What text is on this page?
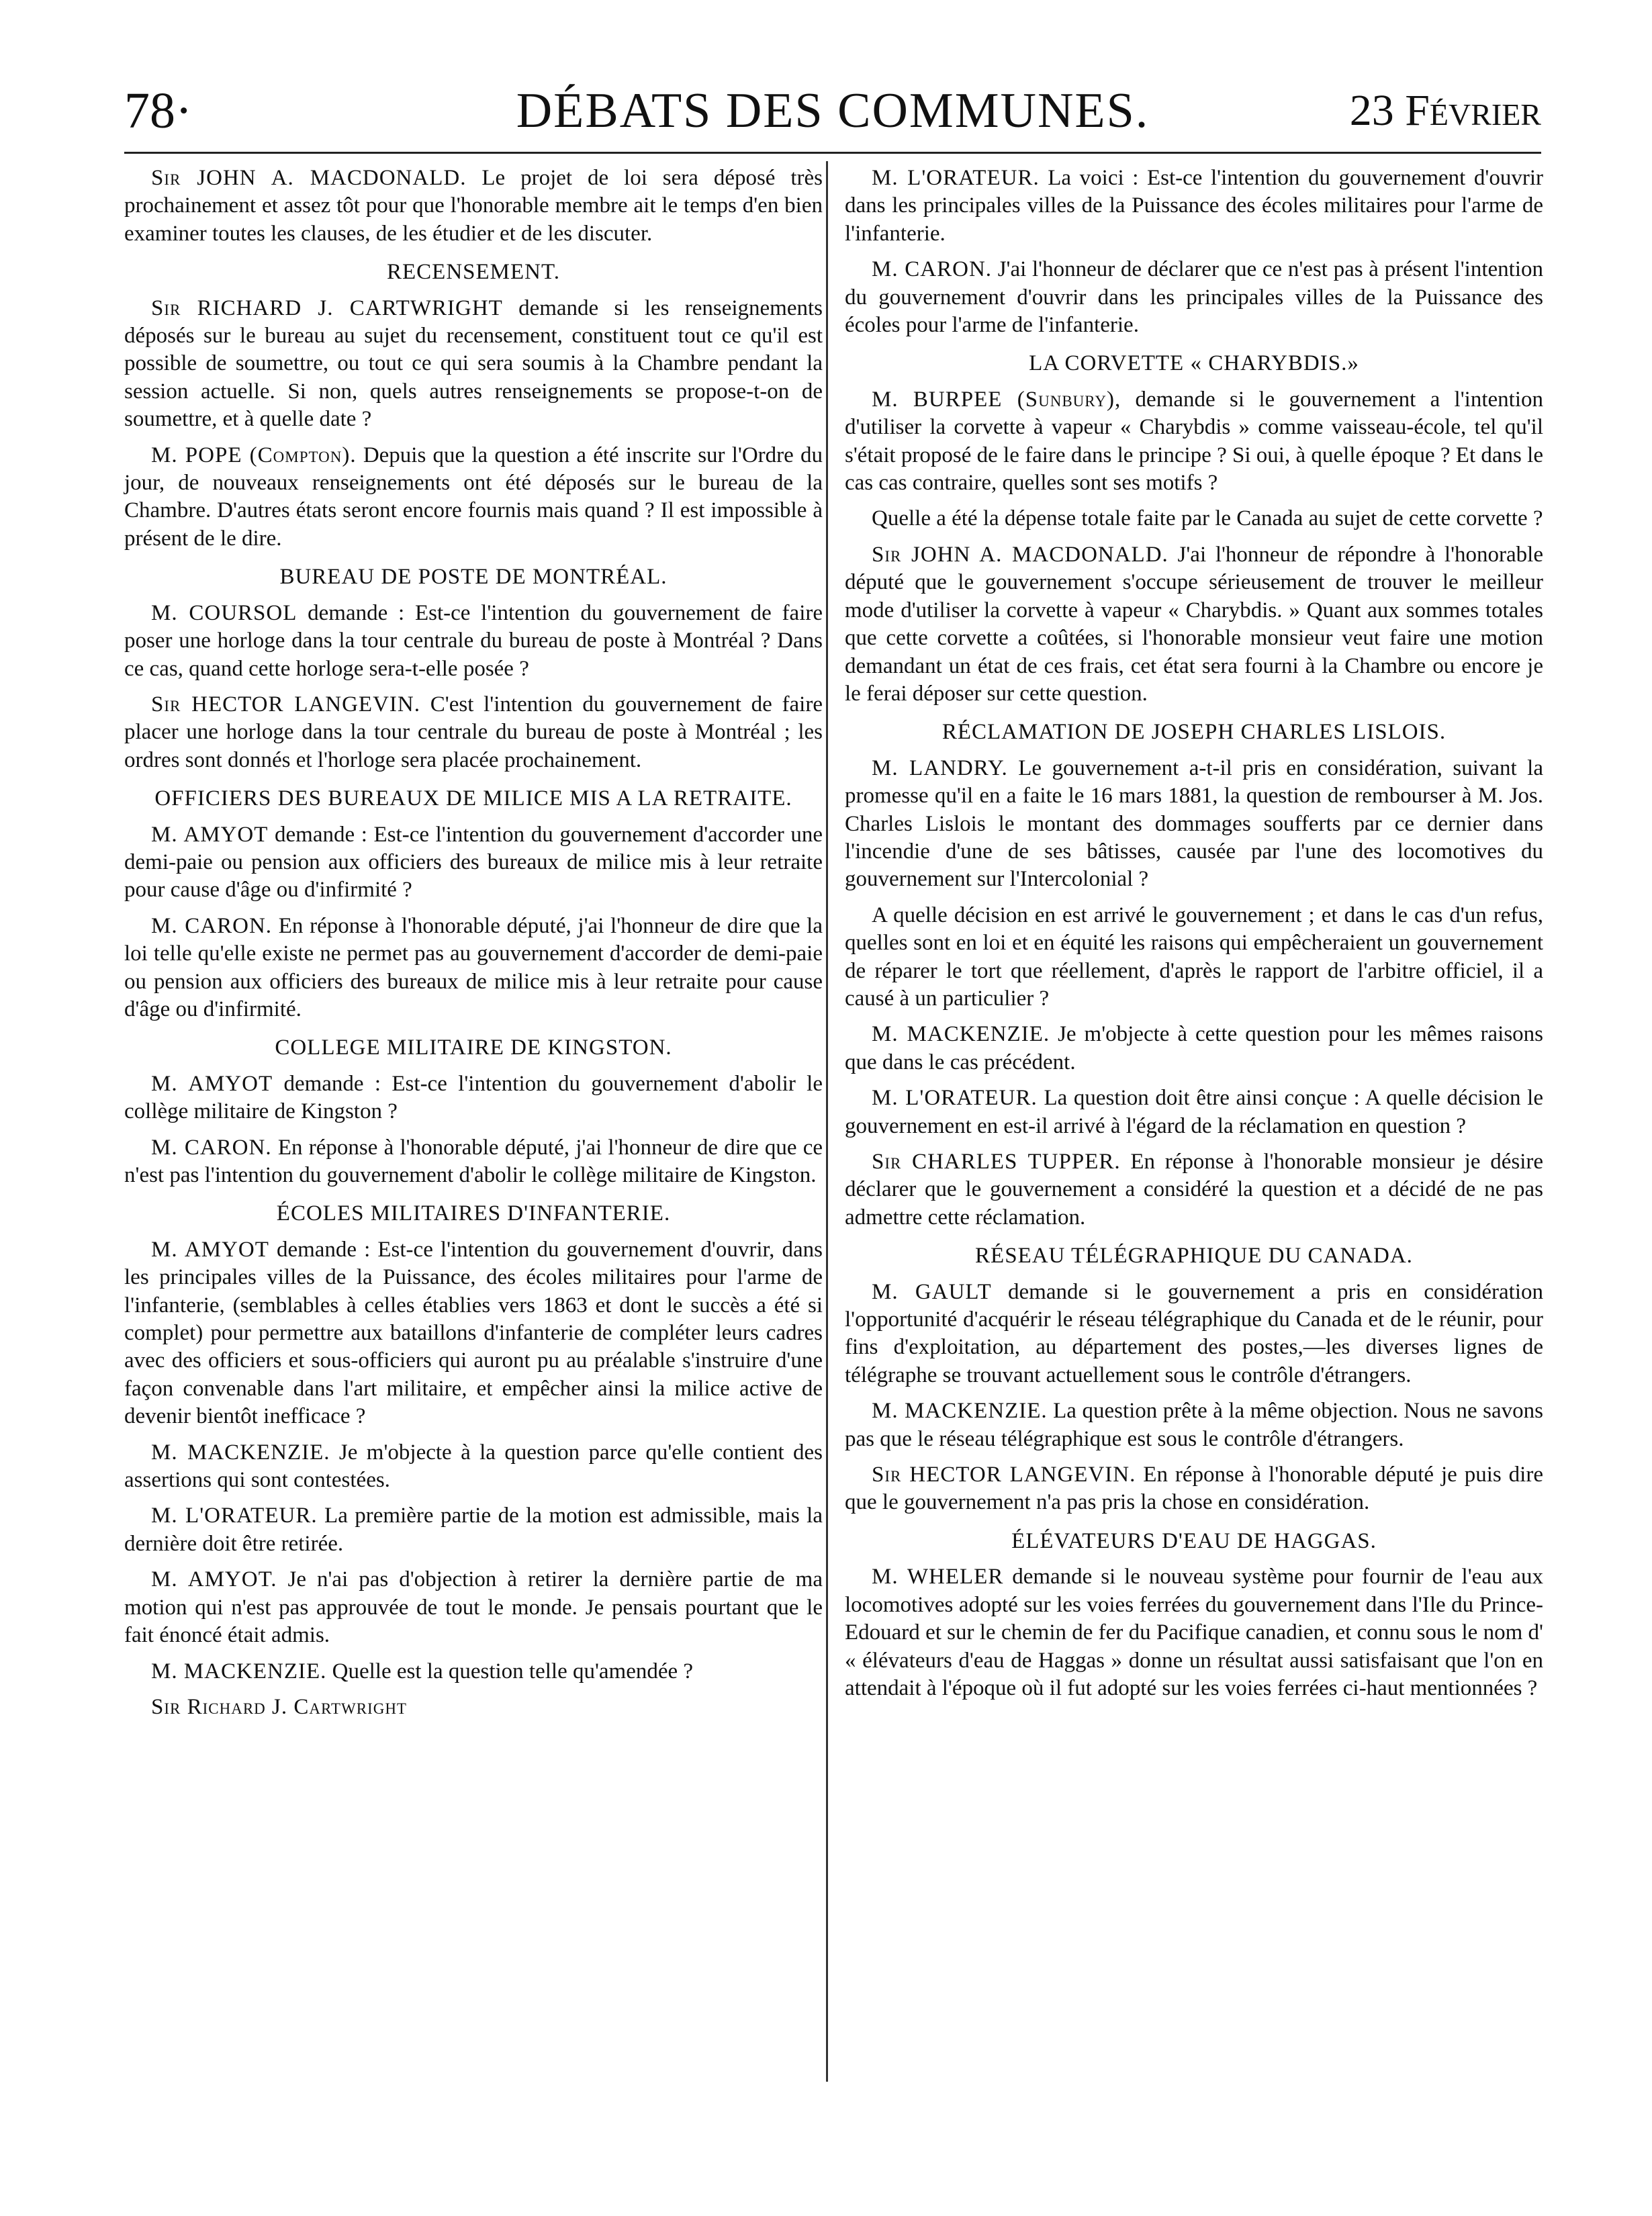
DÉBATS DES COMMUNES.
78·	23 Février

Sir JOHN A. MACDONALD. Le projet de loi sera déposé très prochainement et assez tôt pour que l'honorable membre ait le temps d'en bien examiner toutes les clauses, de les étudier et de les discuter.

RECENSEMENT.

Sir RICHARD J. CARTWRIGHT demande si les renseignements déposés sur le bureau au sujet du recensement, constituent tout ce qu'il est possible de soumettre, ou tout ce qui sera soumis à la Chambre pendant la session actuelle. Si non, quels autres renseignements se propose-t-on de soumettre, et à quelle date ?

M. POPE (Compton). Depuis que la question a été inscrite sur l'Ordre du jour, de nouveaux renseignements ont été déposés sur le bureau de la Chambre. D'autres états seront encore fournis mais quand ? Il est impossible à présent de le dire.

BUREAU DE POSTE DE MONTRÉAL.

M. COURSOL demande : Est-ce l'intention du gouvernement de faire poser une horloge dans la tour centrale du bureau de poste à Montréal ? Dans ce cas, quand cette horloge sera-t-elle posée ?

Sir HECTOR LANGEVIN. C'est l'intention du gouvernement de faire placer une horloge dans la tour centrale du bureau de poste à Montréal ; les ordres sont donnés et l'horloge sera placée prochainement.

OFFICIERS DES BUREAUX DE MILICE MIS A LA RETRAITE.

M. AMYOT demande : Est-ce l'intention du gouvernement d'accorder une demi-paie ou pension aux officiers des bureaux de milice mis à leur retraite pour cause d'âge ou d'infirmité ?

M. CARON. En réponse à l'honorable député, j'ai l'honneur de dire que la loi telle qu'elle existe ne permet pas au gouvernement d'accorder de demi-paie ou pension aux officiers des bureaux de milice mis à leur retraite pour cause d'âge ou d'infirmité.

COLLEGE MILITAIRE DE KINGSTON.

M. AMYOT demande : Est-ce l'intention du gouvernement d'abolir le collège militaire de Kingston ?

M. CARON. En réponse à l'honorable député, j'ai l'honneur de dire que ce n'est pas l'intention du gouvernement d'abolir le collège militaire de Kingston.

ÉCOLES MILITAIRES D'INFANTERIE.

M. AMYOT demande : Est-ce l'intention du gouvernement d'ouvrir, dans les principales villes de la Puissance, des écoles militaires pour l'arme de l'infanterie, (semblables à celles établies vers 1863 et dont le succès a été si complet) pour permettre aux bataillons d'infanterie de compléter leurs cadres avec des officiers et sous-officiers qui auront pu au préalable s'instruire d'une façon convenable dans l'art militaire, et empêcher ainsi la milice active de devenir bientôt inefficace ?

M. MACKENZIE. Je m'objecte à la question parce qu'elle contient des assertions qui sont contestées.

M. L'ORATEUR. La première partie de la motion est admissible, mais la dernière doit être retirée.

M. AMYOT. Je n'ai pas d'objection à retirer la dernière partie de ma motion qui n'est pas approuvée de tout le monde. Je pensais pourtant que le fait énoncé était admis.

M. MACKENZIE. Quelle est la question telle qu'amendée ?

Sir Richard J. Cartwright

M. L'ORATEUR. La voici : Est-ce l'intention du gouvernement d'ouvrir dans les principales villes de la Puissance des écoles militaires pour l'arme de l'infanterie.

M. CARON. J'ai l'honneur de déclarer que ce n'est pas à présent l'intention du gouvernement d'ouvrir dans les principales villes de la Puissance des écoles pour l'arme de l'infanterie.

LA CORVETTE « CHARYBDIS.»

M. BURPEE (Sunbury), demande si le gouvernement a l'intention d'utiliser la corvette à vapeur « Charybdis » comme vaisseau-école, tel qu'il s'était proposé de le faire dans le principe ? Si oui, à quelle époque ? Et dans le cas cas contraire, quelles sont ses motifs ?

Quelle a été la dépense totale faite par le Canada au sujet de cette corvette ?

Sir JOHN A. MACDONALD. J'ai l'honneur de répondre à l'honorable député que le gouvernement s'occupe sérieusement de trouver le meilleur mode d'utiliser la corvette à vapeur « Charybdis. » Quant aux sommes totales que cette corvette a coûtées, si l'honorable monsieur veut faire une motion demandant un état de ces frais, cet état sera fourni à la Chambre ou encore je le ferai déposer sur cette question.

RÉCLAMATION DE JOSEPH CHARLES LISLOIS.

M. LANDRY. Le gouvernement a-t-il pris en considération, suivant la promesse qu'il en a faite le 16 mars 1881, la question de rembourser à M. Jos. Charles Lislois le montant des dommages soufferts par ce dernier dans l'incendie d'une de ses bâtisses, causée par l'une des locomotives du gouvernement sur l'Intercolonial ?

A quelle décision en est arrivé le gouvernement ; et dans le cas d'un refus, quelles sont en loi et en équité les raisons qui empêcheraient un gouvernement de réparer le tort que réellement, d'après le rapport de l'arbitre officiel, il a causé à un particulier ?

M. MACKENZIE. Je m'objecte à cette question pour les mêmes raisons que dans le cas précédent.

M. L'ORATEUR. La question doit être ainsi conçue : A quelle décision le gouvernement en est-il arrivé à l'égard de la réclamation en question ?

Sir CHARLES TUPPER. En réponse à l'honorable monsieur je désire déclarer que le gouvernement a considéré la question et a décidé de ne pas admettre cette réclamation.

RÉSEAU TÉLÉGRAPHIQUE DU CANADA.

M. GAULT demande si le gouvernement a pris en considération l'opportunité d'acquérir le réseau télégraphique du Canada et de le réunir, pour fins d'exploitation, au département des postes,—les diverses lignes de télégraphe se trouvant actuellement sous le contrôle d'étrangers.

M. MACKENZIE. La question prête à la même objection. Nous ne savons pas que le réseau télégraphique est sous le contrôle d'étrangers.

Sir HECTOR LANGEVIN. En réponse à l'honorable député je puis dire que le gouvernement n'a pas pris la chose en considération.

ÉLÉVATEURS D'EAU DE HAGGAS.

M. WHELER demande si le nouveau système pour fournir de l'eau aux locomotives adopté sur les voies ferrées du gouvernement dans l'Ile du Prince-Edouard et sur le chemin de fer du Pacifique canadien, et connu sous le nom d' « élévateurs d'eau de Haggas » donne un résultat aussi satisfaisant que l'on en attendait à l'époque où il fut adopté sur les voies ferrées ci-haut mentionnées ?
